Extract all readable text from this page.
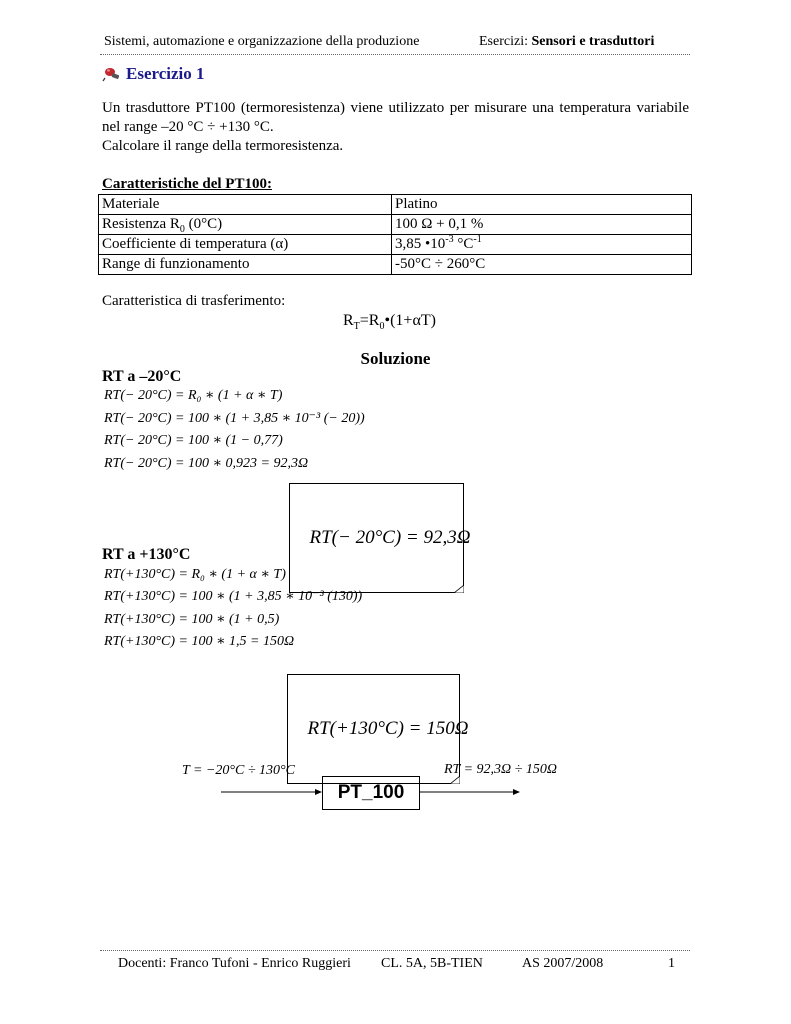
Sistemi, automazione e organizzazione della produzione	Esercizi: Sensori e trasduttori
Esercizio 1
Un trasduttore PT100 (termoresistenza) viene utilizzato per misurare una temperatura variabile nel range –20 °C ÷ +130 °C.
Calcolare il range della termoresistenza.
Caratteristiche del PT100:
Materiale	Platino
Resistenza $R_0$ (0°C)	100 Ω + 0,1 %
Coefficiente di temperatura (α)	3,85 $•10^{-3}$ $^\circ C^{-1}$
Range di funzionamento	-50°C ÷ 260°C
Caratteristica di trasferimento:
$R_T=R_0•(1+\alpha T)$
Soluzione
RT a –20°C
RT(− 20°C) = R₀ ∗ (1 + α ∗ T)
RT(− 20°C) = 100 ∗ (1 + 3,85 ∗ 10⁻³ (− 20))
RT(− 20°C) = 100 ∗ (1 − 0,77)
RT(− 20°C) = 100 ∗ 0,923 = 92,3Ω

RT(− 20°C) = 92,3Ω

RT a +130°C
RT(+130°C) = R₀ ∗ (1 + α ∗ T)
RT(+130°C) = 100 ∗ (1 + 3,85 ∗ 10⁻³ (130))
RT(+130°C) = 100 ∗ (1 + 0,5)
RT(+130°C) = 100 ∗ 1,5 = 150Ω

RT(+130°C) = 150Ω

T = −20°C ÷ 130°C	RT = 92,3Ω ÷ 150Ω
PT_100
Docenti: Franco Tufoni - Enrico Ruggieri CL. 5A, 5B-TIEN	AS 2007/2008	1
